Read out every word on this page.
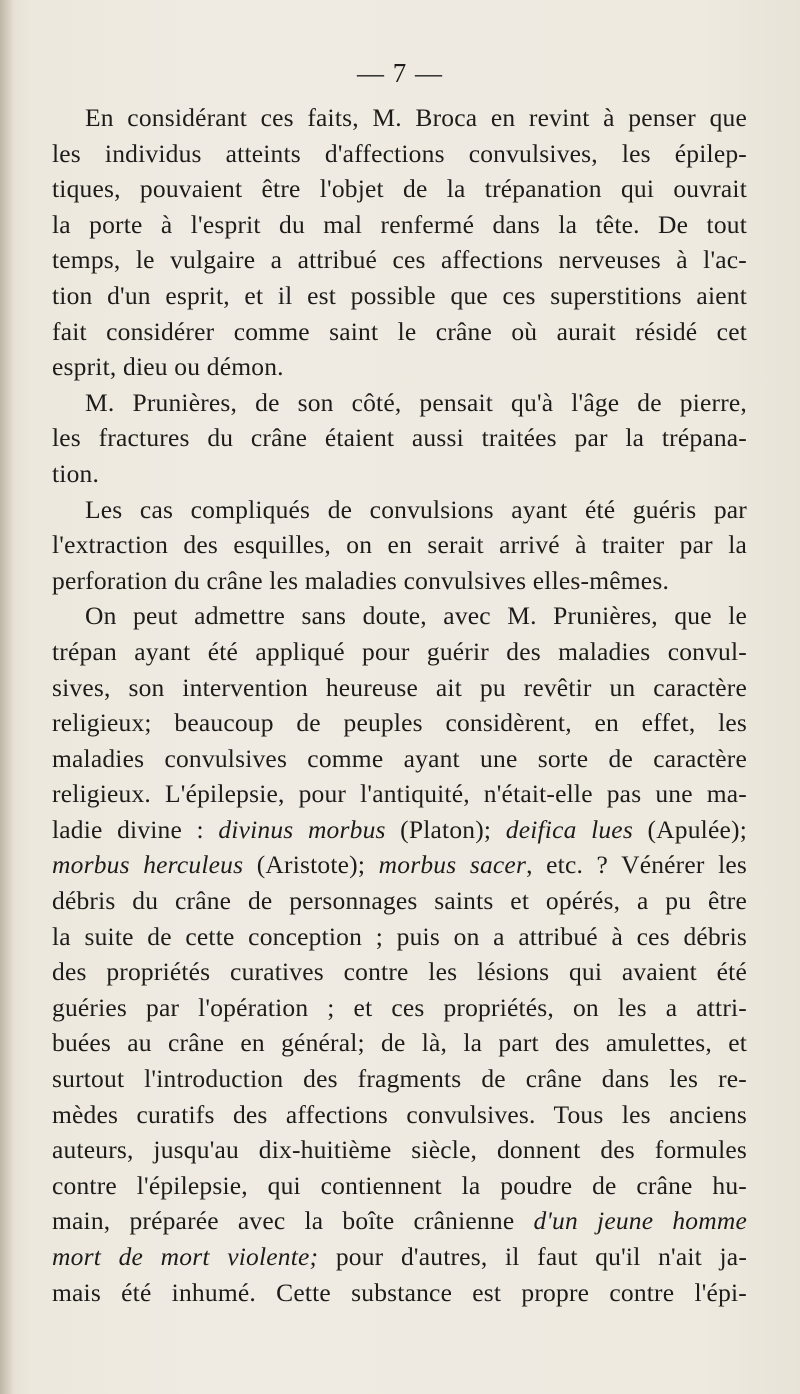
— 7 —
En considérant ces faits, M. Broca en revint à penser que
les individus atteints d'affections convulsives, les épilep-
tiques, pouvaient être l'objet de la trépanation qui ouvrait
la porte à l'esprit du mal renfermé dans la tête. De tout
temps, le vulgaire a attribué ces affections nerveuses à l'ac-
tion d'un esprit, et il est possible que ces superstitions aient
fait considérer comme saint le crâne où aurait résidé cet
esprit, dieu ou démon.
M. Prunières, de son côté, pensait qu'à l'âge de pierre,
les fractures du crâne étaient aussi traitées par la trépana-
tion.
Les cas compliqués de convulsions ayant été guéris par
l'extraction des esquilles, on en serait arrivé à traiter par la
perforation du crâne les maladies convulsives elles-mêmes.
On peut admettre sans doute, avec M. Prunières, que le
trépan ayant été appliqué pour guérir des maladies convul-
sives, son intervention heureuse ait pu revêtir un caractère
religieux; beaucoup de peuples considèrent, en effet, les
maladies convulsives comme ayant une sorte de caractère
religieux. L'épilepsie, pour l'antiquité, n'était-elle pas une ma-
ladie divine : divinus morbus (Platon); deifica lues (Apulée);
morbus herculeus (Aristote); morbus sacer, etc. ? Vénérer les
débris du crâne de personnages saints et opérés, a pu être
la suite de cette conception ; puis on a attribué à ces débris
des propriétés curatives contre les lésions qui avaient été
guéries par l'opération ; et ces propriétés, on les a attri-
buées au crâne en général; de là, la part des amulettes, et
surtout l'introduction des fragments de crâne dans les re-
mèdes curatifs des affections convulsives. Tous les anciens
auteurs, jusqu'au dix-huitième siècle, donnent des formules
contre l'épilepsie, qui contiennent la poudre de crâne hu-
main, préparée avec la boîte crânienne d'un jeune homme
mort de mort violente; pour d'autres, il faut qu'il n'ait ja-
mais été inhumé. Cette substance est propre contre l'épi-
